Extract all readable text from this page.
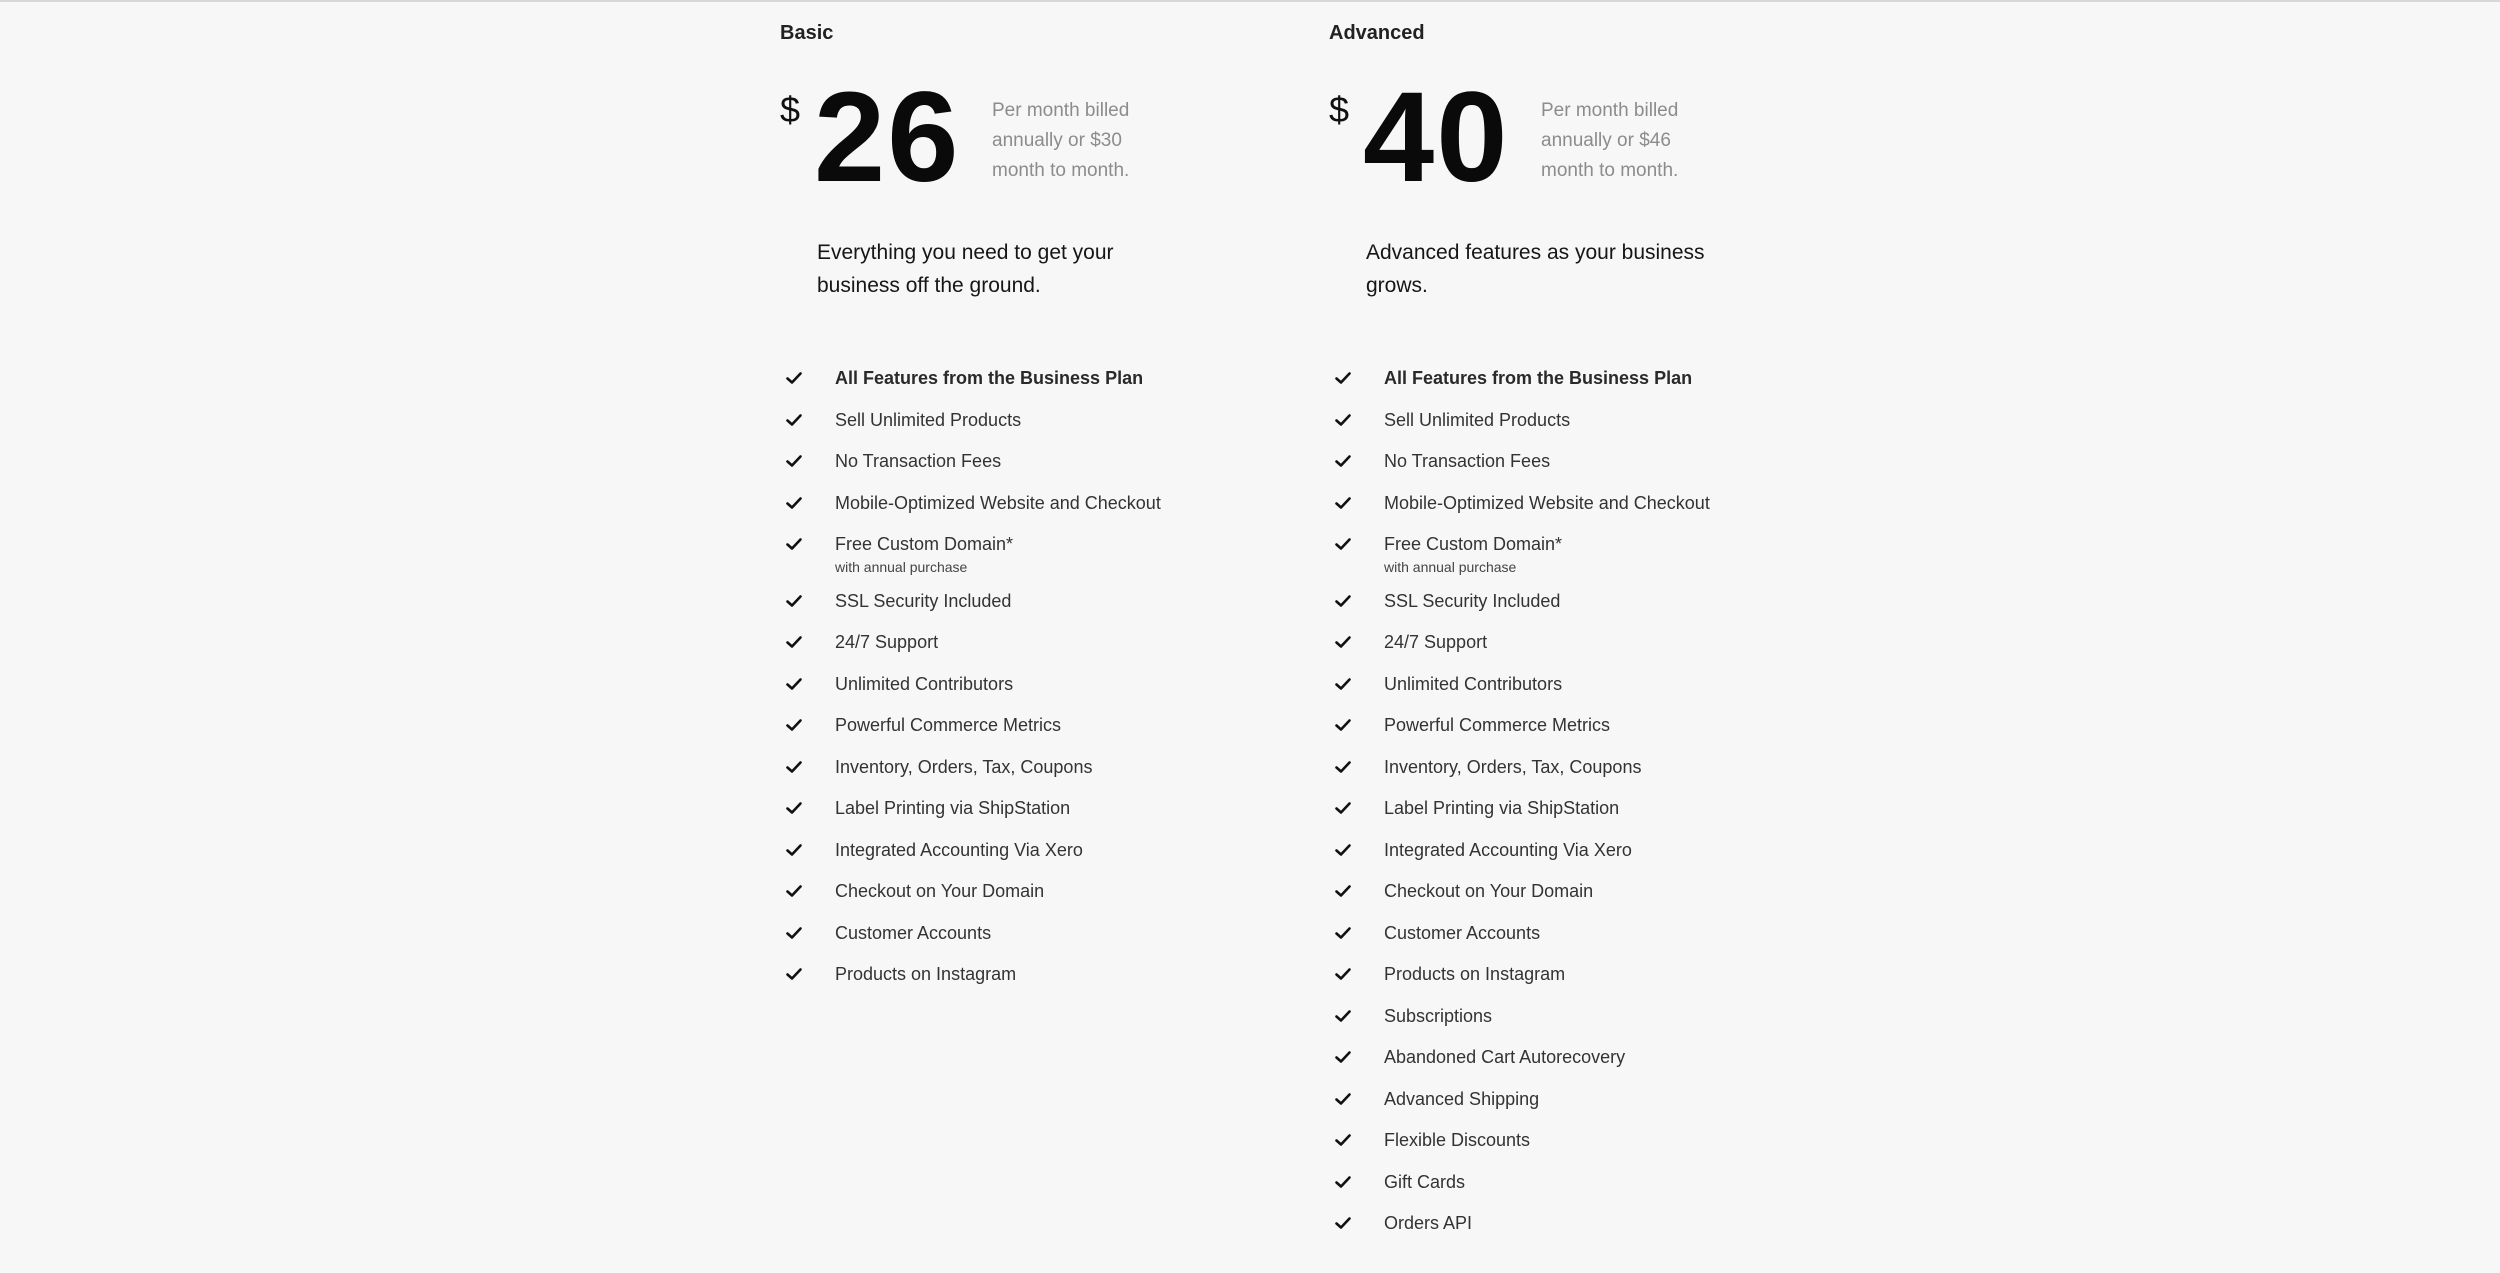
Basic
$ 26 Per month billed annually or $30 month to month.
Everything you need to get your business off the ground.
All Features from the Business Plan
Sell Unlimited Products
No Transaction Fees
Mobile-Optimized Website and Checkout
Free Custom Domain*
with annual purchase
SSL Security Included
24/7 Support
Unlimited Contributors
Powerful Commerce Metrics
Inventory, Orders, Tax, Coupons
Label Printing via ShipStation
Integrated Accounting Via Xero
Checkout on Your Domain
Customer Accounts
Products on Instagram
Advanced
$ 40 Per month billed annually or $46 month to month.
Advanced features as your business grows.
All Features from the Business Plan
Sell Unlimited Products
No Transaction Fees
Mobile-Optimized Website and Checkout
Free Custom Domain*
with annual purchase
SSL Security Included
24/7 Support
Unlimited Contributors
Powerful Commerce Metrics
Inventory, Orders, Tax, Coupons
Label Printing via ShipStation
Integrated Accounting Via Xero
Checkout on Your Domain
Customer Accounts
Products on Instagram
Subscriptions
Abandoned Cart Autorecovery
Advanced Shipping
Flexible Discounts
Gift Cards
Orders API
